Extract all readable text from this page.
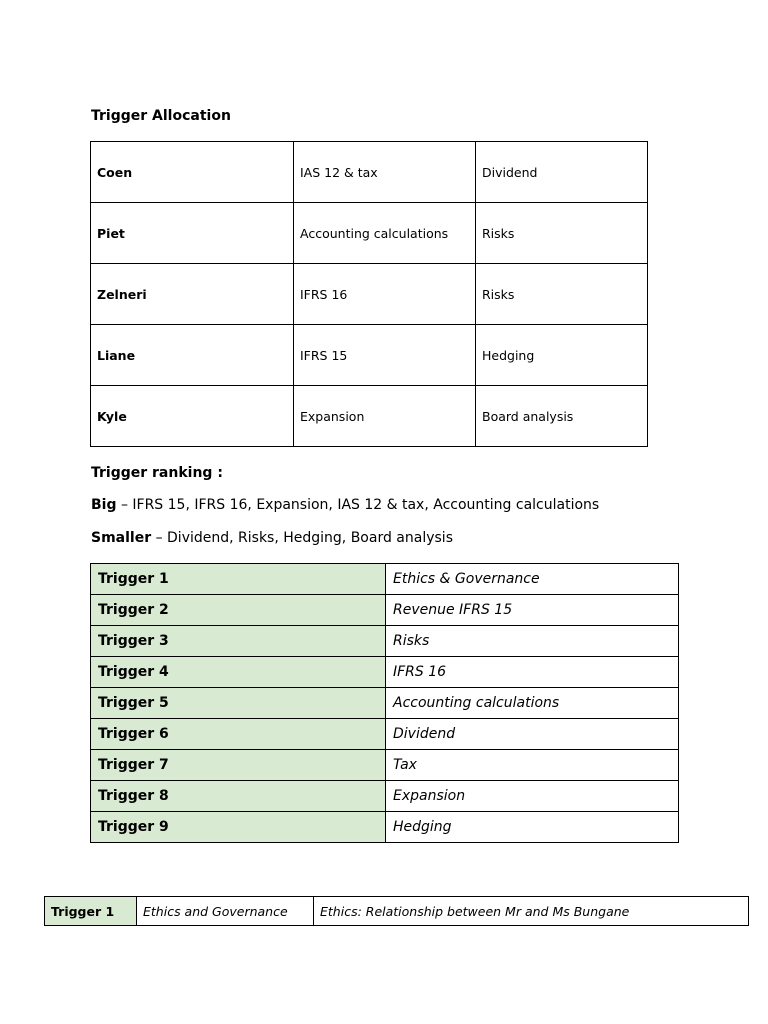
Trigger Allocation
Coen	IAS 12 & tax	Dividend
Piet	Accounting calculations	Risks
Zelneri	IFRS 16	Risks
Liane	IFRS 15	Hedging
Kyle	Expansion	Board analysis
Trigger ranking :
Big – IFRS 15, IFRS 16, Expansion, IAS 12 & tax, Accounting calculations
Smaller – Dividend, Risks, Hedging, Board analysis
Trigger 1	Ethics & Governance
Trigger 2	Revenue IFRS 15
Trigger 3	Risks
Trigger 4	IFRS 16
Trigger 5	Accounting calculations
Trigger 6	Dividend
Trigger 7	Tax
Trigger 8	Expansion
Trigger 9	Hedging
Trigger 1	Ethics and Governance	Ethics: Relationship between Mr and Ms Bungane
